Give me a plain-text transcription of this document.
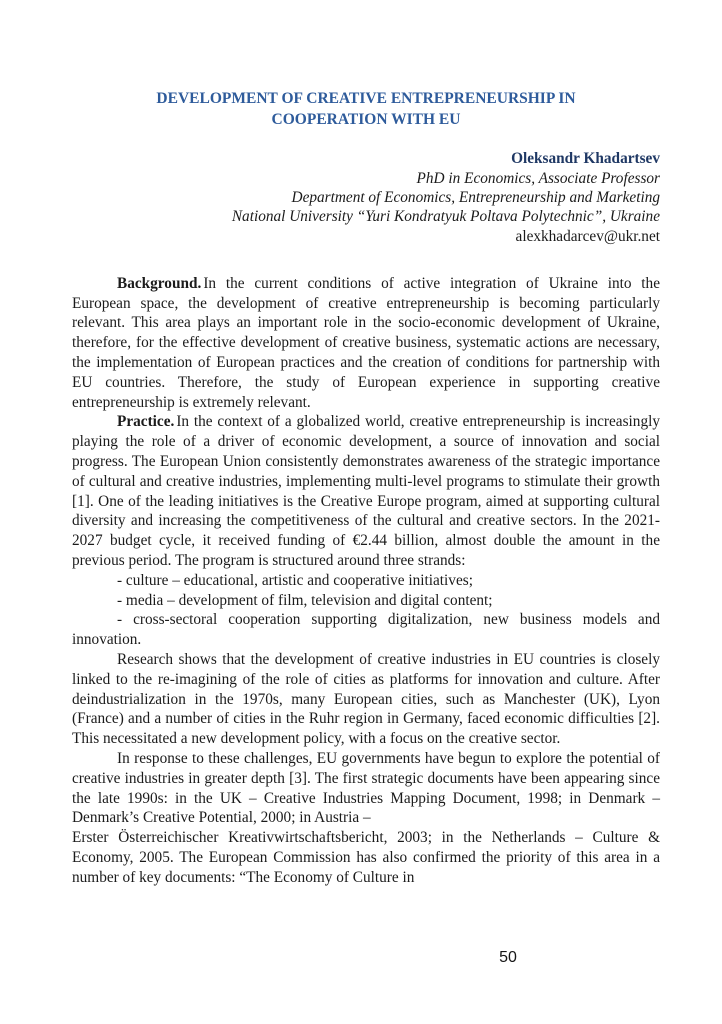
DEVELOPMENT OF CREATIVE ENTREPRENEURSHIP IN
COOPERATION WITH EU
Oleksandr Khadartsev
PhD in Economics, Associate Professor
Department of Economics, Entrepreneurship and Marketing
National University “Yuri Kondratyuk Poltava Polytechnic”, Ukraine
alexkhadarcev@ukr.net

Background. In the current conditions of active integration of Ukraine into the European space, the development of creative entrepreneurship is becoming particularly relevant. This area plays an important role in the socio-economic development of Ukraine, therefore, for the effective development of creative business, systematic actions are necessary, the implementation of European practices and the creation of conditions for partnership with EU countries. Therefore, the study of European experience in supporting creative entrepreneurship is extremely relevant.

Practice. In the context of a globalized world, creative entrepreneurship is increasingly playing the role of a driver of economic development, a source of innovation and social progress. The European Union consistently demonstrates awareness of the strategic importance of cultural and creative industries, implementing multi-level programs to stimulate their growth [1]. One of the leading initiatives is the Creative Europe program, aimed at supporting cultural diversity and increasing the competitiveness of the cultural and creative sectors. In the 2021-2027 budget cycle, it received funding of €2.44 billion, almost double the amount in the previous period. The program is structured around three strands:

- culture – educational, artistic and cooperative initiatives;

- media – development of film, television and digital content;

- cross-sectoral cooperation supporting digitalization, new business models and innovation.

Research shows that the development of creative industries in EU countries is closely linked to the re-imagining of the role of cities as platforms for innovation and culture. After deindustrialization in the 1970s, many European cities, such as Manchester (UK), Lyon (France) and a number of cities in the Ruhr region in Germany, faced economic difficulties [2]. This necessitated a new development policy, with a focus on the creative sector.

In response to these challenges, EU governments have begun to explore the potential of creative industries in greater depth [3]. The first strategic documents have been appearing since the late 1990s: in the UK – Creative Industries Mapping Document, 1998; in Denmark – Denmark’s Creative Potential, 2000; in Austria –

Erster Österreichischer Kreativwirtschaftsbericht, 2003; in the Netherlands – Culture & Economy, 2005. The European Commission has also confirmed the priority of this area in a number of key documents: “The Economy of Culture in

50
